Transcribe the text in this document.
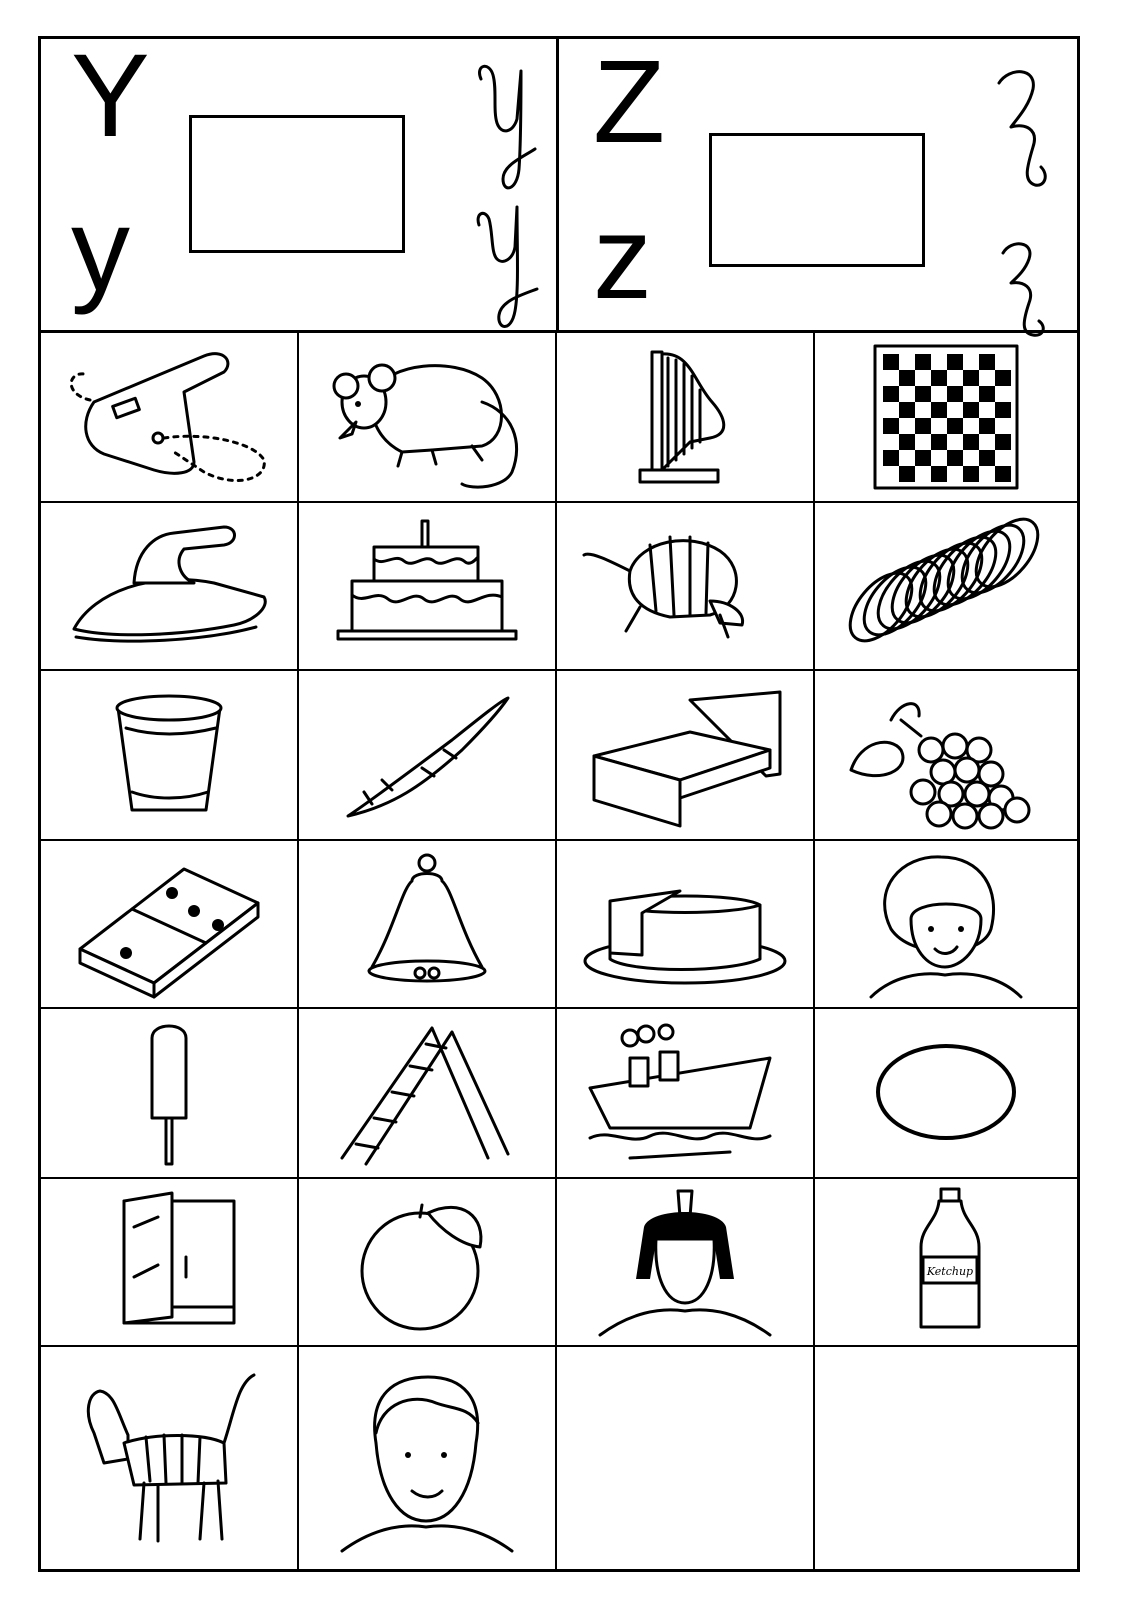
Y
y
Z
z
Ketchup
